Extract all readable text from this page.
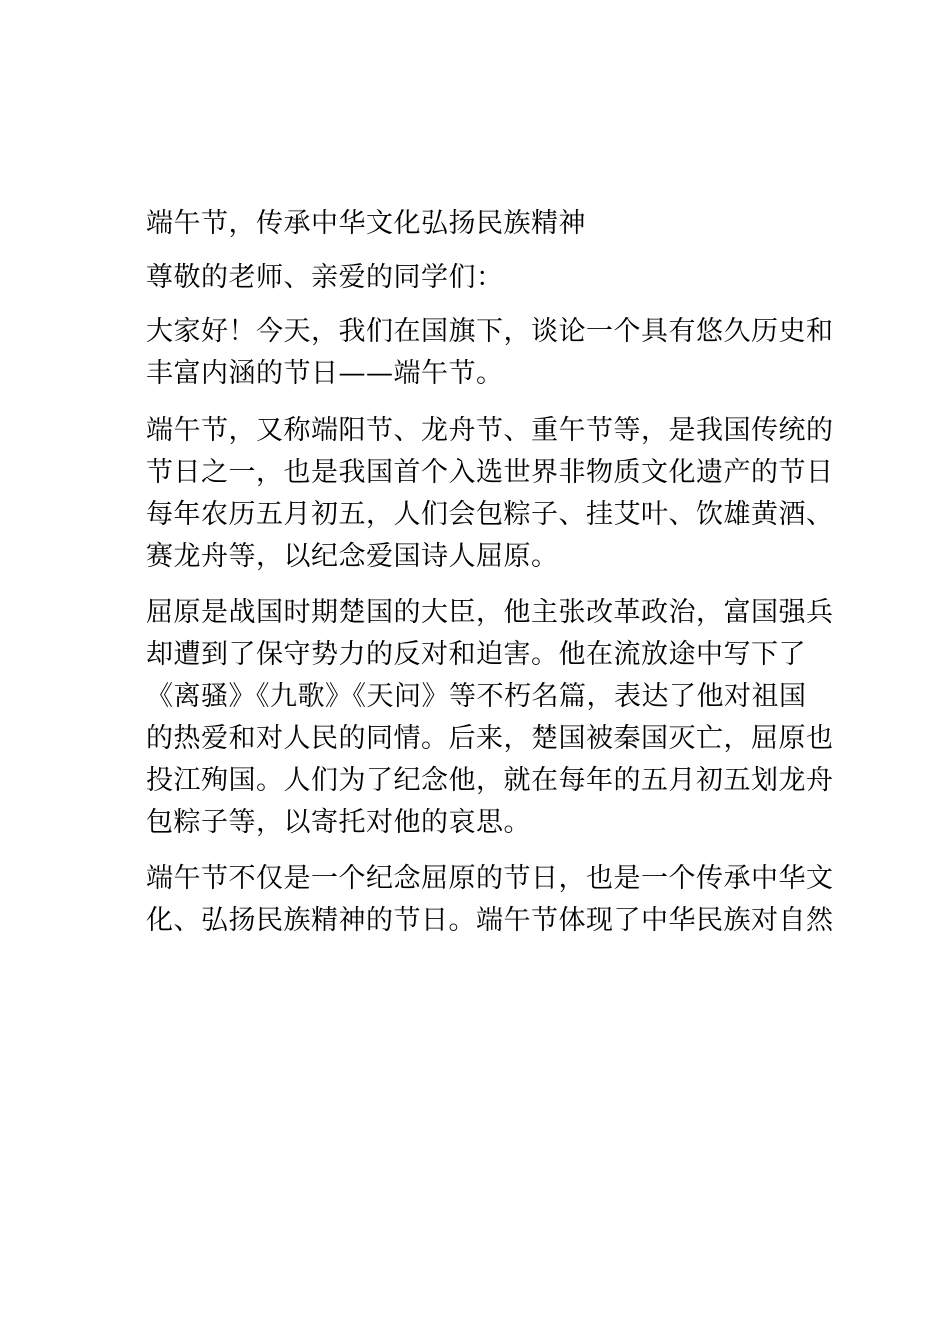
端午节，传承中华文化弘扬民族精神
尊敬的老师、亲爱的同学们：
大家好！今天，我们在国旗下，谈论一个具有悠久历史和
丰富内涵的节日——端午节。
端午节，又称端阳节、龙舟节、重午节等，是我国传统的
节日之一，也是我国首个入选世界非物质文化遗产的节日
每年农历五月初五，人们会包粽子、挂艾叶、饮雄黄酒、
赛龙舟等，以纪念爱国诗人屈原。
屈原是战国时期楚国的大臣，他主张改革政治，富国强兵
却遭到了保守势力的反对和迫害。他在流放途中写下了
《离骚》《九歌》《天问》等不朽名篇，表达了他对祖国
的热爱和对人民的同情。后来，楚国被秦国灭亡，屈原也
投江殉国。人们为了纪念他，就在每年的五月初五划龙舟
包粽子等，以寄托对他的哀思。
端午节不仅是一个纪念屈原的节日，也是一个传承中华文
化、弘扬民族精神的节日。端午节体现了中华民族对自然
